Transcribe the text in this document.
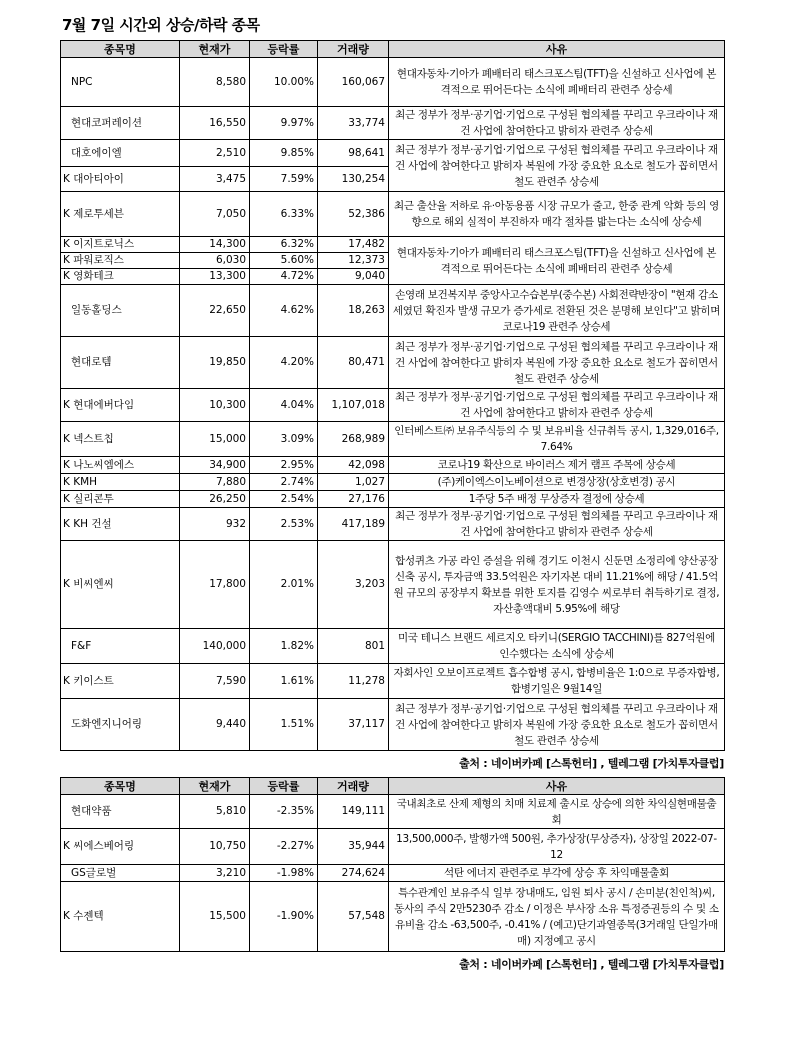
7월 7일 시간외 상승/하락 종목
종목명	현재가	등락률	거래량	사유
NPC	8,580	10.00%	160,067	현대자동차·기아가 폐배터리 태스크포스팀(TFT)을 신설하고 신사업에 본격적으로 뛰어든다는 소식에 폐배터리 관련주 상승세
현대코퍼레이션	16,550	9.97%	33,774	최근 정부가 정부·공기업·기업으로 구성된 협의체를 꾸리고 우크라이나 재건 사업에 참여한다고 밝히자 관련주 상승세
대호에이엘	2,510	9.85%	98,641	최근 정부가 정부·공기업·기업으로 구성된 협의체를 꾸리고 우크라이나 재건 사업에 참여한다고 밝히자 복원에 가장 중요한 요소로 철도가 꼽히면서 철도 관련주 상승세
K 대아티아이	3,475	7.59%	130,254	
K 제로투세븐	7,050	6.33%	52,386	최근 출산율 저하로 유·아동용품 시장 규모가 줄고, 한중 관계 악화 등의 영향으로 해외 실적이 부진하자 매각 절차를 밟는다는 소식에 상승세
K 이지트로닉스	14,300	6.32%	17,482	현대자동차·기아가 폐배터리 태스크포스팀(TFT)을 신설하고 신사업에 본격적으로 뛰어든다는 소식에 폐배터리 관련주 상승세
K 파워로직스	6,030	5.60%	12,373	
K 영화테크	13,300	4.72%	9,040	
일동홀딩스	22,650	4.62%	18,263	손영래 보건복지부 중앙사고수습본부(중수본) 사회전략반장이 "현재 감소세였던 확진자 발생 규모가 증가세로 전환된 것은 분명해 보인다"고 밝히며 코로나19 관련주 상승세
현대로템	19,850	4.20%	80,471	최근 정부가 정부·공기업·기업으로 구성된 협의체를 꾸리고 우크라이나 재건 사업에 참여한다고 밝히자 복원에 가장 중요한 요소로 철도가 꼽히면서 철도 관련주 상승세
K 현대에버다임	10,300	4.04%	1,107,018	최근 정부가 정부·공기업·기업으로 구성된 협의체를 꾸리고 우크라이나 재건 사업에 참여한다고 밝히자 관련주 상승세
K 넥스트칩	15,000	3.09%	268,989	인터베스트㈜ 보유주식등의 수 및 보유비율 신규취득 공시, 1,329,016주, 7.64%
K 나노씨엠에스	34,900	2.95%	42,098	코로나19 확산으로 바이러스 제거 램프 주목에 상승세
K KMH	7,880	2.74%	1,027	(주)케이엑스이노베이션으로 변경상장(상호변경) 공시
K 실리콘투	26,250	2.54%	27,176	1주당 5주 배정 무상증자 결정에 상승세
K KH 건설	932	2.53%	417,189	최근 정부가 정부·공기업·기업으로 구성된 협의체를 꾸리고 우크라이나 재건 사업에 참여한다고 밝히자 관련주 상승세
K 비씨엔씨	17,800	2.01%	3,203	합성퀴츠 가공 라인 증설을 위해 경기도 이천시 신둔면 소정리에 양산공장 신축 공시, 투자금액 33.5억원은 자기자본 대비 11.21%에 해당 / 41.5억원 규모의 공장부지 확보를 위한 토지를 김영수 씨로부터 취득하기로 결정, 자산총액대비 5.95%에 해당
F&F	140,000	1.82%	801	미국 테니스 브랜드 세르지오 타키니(SERGIO TACCHINI)를 827억원에 인수했다는 소식에 상승세
K 키이스트	7,590	1.61%	11,278	자회사인 오보이프로젝트 흡수합병 공시, 합병비율은 1:0으로 무증자합병, 합병기일은 9월14일
도화엔지니어링	9,440	1.51%	37,117	최근 정부가 정부·공기업·기업으로 구성된 협의체를 꾸리고 우크라이나 재건 사업에 참여한다고 밝히자 복원에 가장 중요한 요소로 철도가 꼽히면서 철도 관련주 상승세
출처 : 네이버카페 [스톡헌터] , 텔레그램 [가치투자클럽]
종목명	현재가	등락률	거래량	사유
현대약품	5,810	-2.35%	149,111	국내최초로 산제 제형의 치매 치료제 출시로 상승에 의한 차익실현매물출회
K 씨에스베어링	10,750	-2.27%	35,944	13,500,000주, 발행가액 500원, 추가상장(무상증자), 상장일 2022-07-12
GS글로벌	3,210	-1.98%	274,624	석탄 에너지 관련주로 부각에 상승 후 차익매물출회
K 수젠텍	15,500	-1.90%	57,548	특수관계인 보유주식 일부 장내매도, 임원 퇴사 공시 / 손미분(친인척)씨, 동사의 주식 2만5230주 감소 / 이정은 부사장 소유 특정증권등의 수 및 소유비율 감소 -63,500주, -0.41% / (예고)단기과열종목(3거래일 단일가매매) 지정예고 공시
출처 : 네이버카페 [스톡헌터] , 텔레그램 [가치투자클럽]
